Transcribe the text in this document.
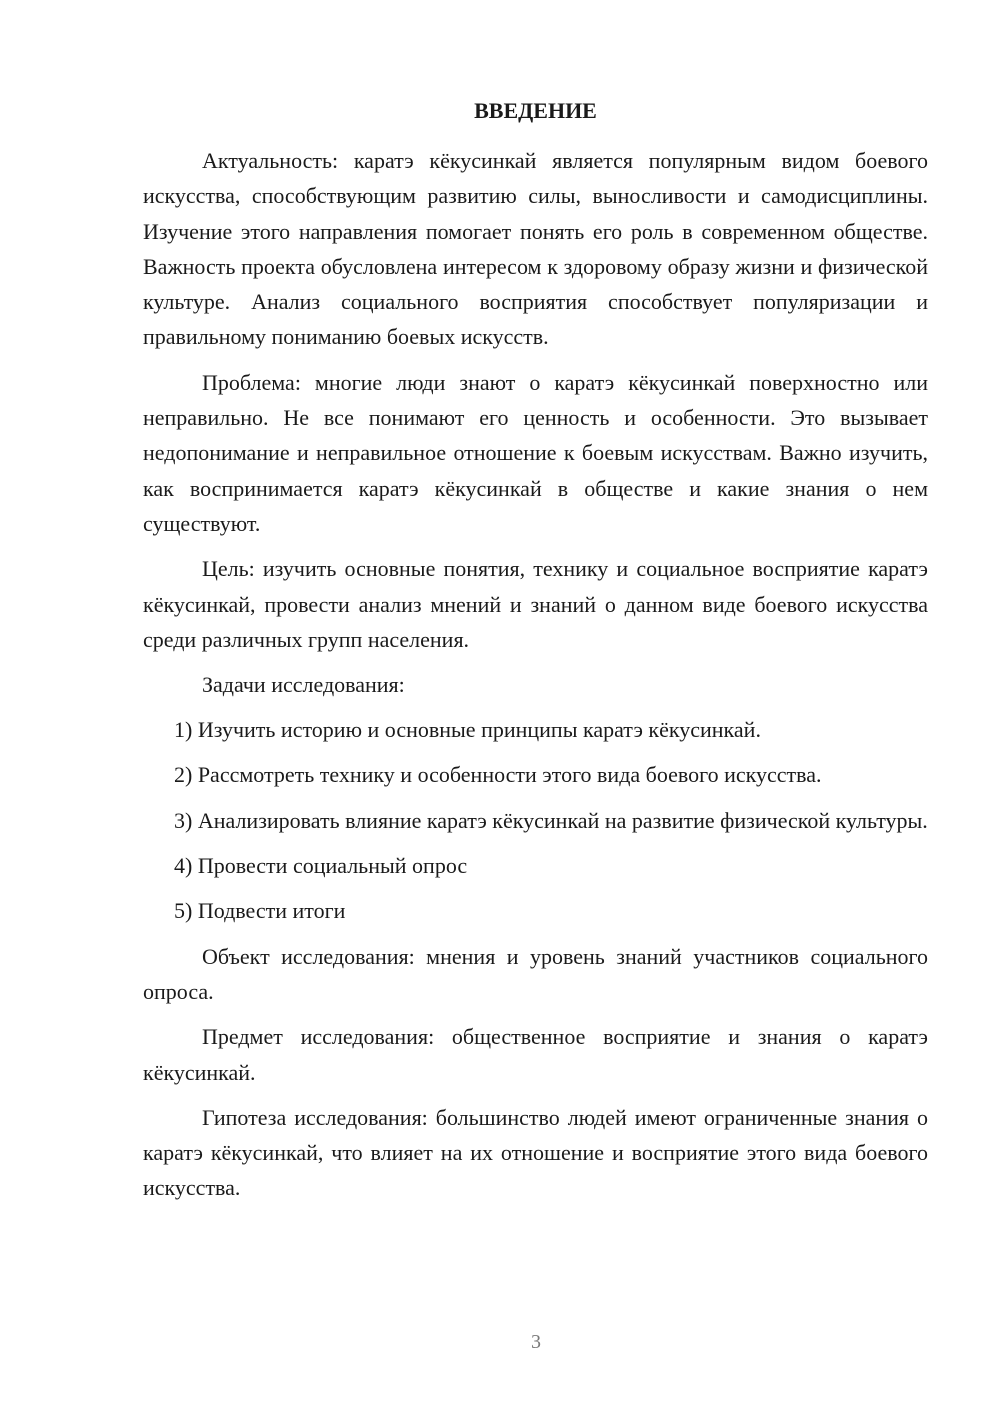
ВВЕДЕНИЕ

Актуальность: каратэ кёкусинкай является популярным видом боевого искусства, способствующим развитию силы, выносливости и самодисциплины. Изучение этого направления помогает понять его роль в современном обществе. Важность проекта обусловлена интересом к здоровому образу жизни и физической культуре. Анализ социального восприятия способствует популяризации и правильному пониманию боевых искусств.

Проблема: многие люди знают о каратэ кёкусинкай поверхностно или неправильно. Не все понимают его ценность и особенности. Это вызывает недопонимание и неправильное отношение к боевым искусствам. Важно изучить, как воспринимается каратэ кёкусинкай в обществе и какие знания о нем существуют.

Цель: изучить основные понятия, технику и социальное восприятие каратэ кёкусинкай, провести анализ мнений и знаний о данном виде боевого искусства среди различных групп населения.

Задачи исследования:

1) Изучить историю и основные принципы каратэ кёкусинкай.

2) Рассмотреть технику и особенности этого вида боевого искусства.

3) Анализировать влияние каратэ кёкусинкай на развитие физической культуры.

4) Провести социальный опрос

5) Подвести итоги

Объект исследования: мнения и уровень знаний участников социального опроса.

Предмет исследования: общественное восприятие и знания о каратэ кёкусинкай.

Гипотеза исследования: большинство людей имеют ограниченные знания о каратэ кёкусинкай, что влияет на их отношение и восприятие этого вида боевого искусства.

3
